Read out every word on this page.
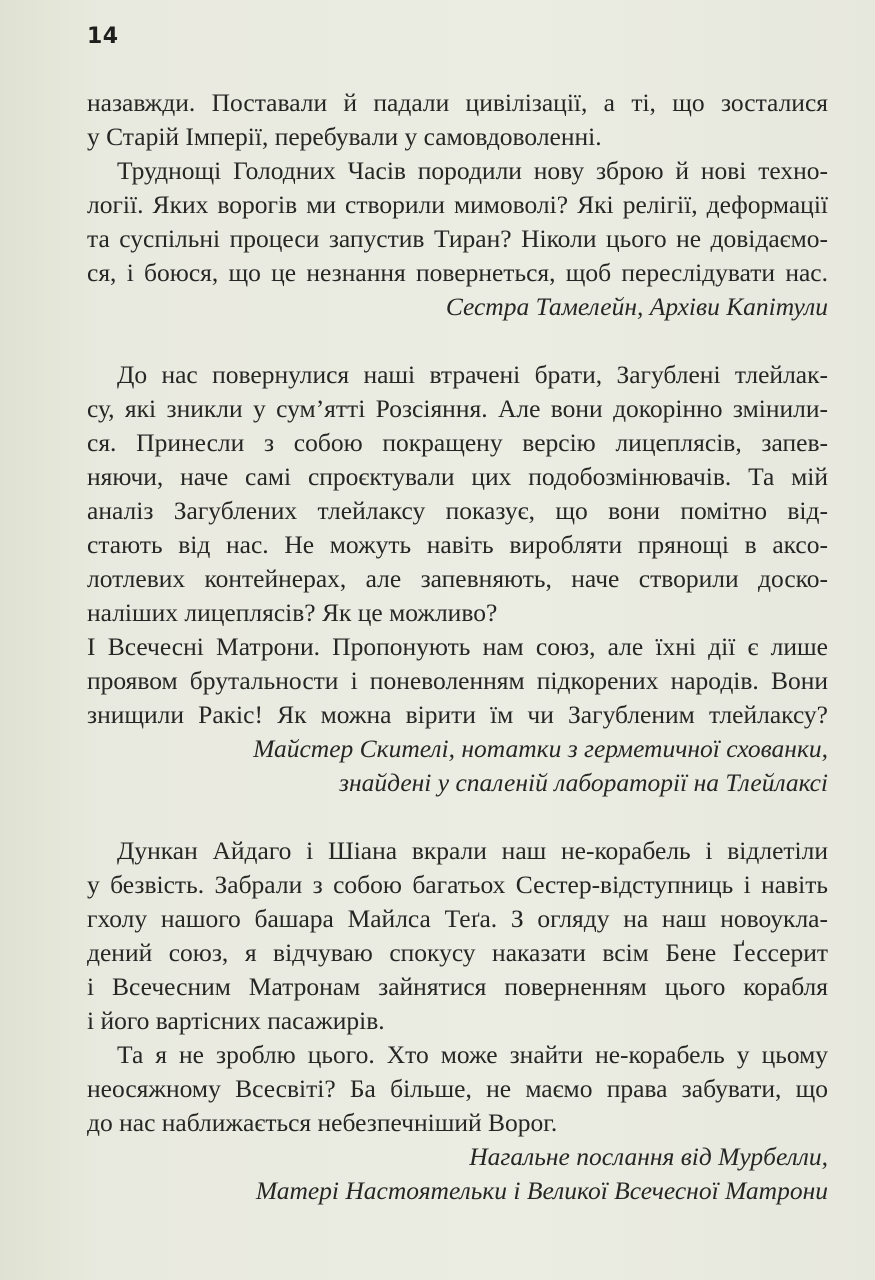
14
назавжди. Поставали й падали цивілізації, а ті, що зосталися
у Старій Імперії, перебували у самовдоволенні.
Труднощі Голодних Часів породили нову зброю й нові техно-
логії. Яких ворогів ми створили мимоволі? Які релігії, деформації
та суспільні процеси запустив Тиран? Ніколи цього не довідаємо-
ся, і боюся, що це незнання повернеться, щоб переслідувати нас.
Сестра Тамелейн, Архіви Капітули
До нас повернулися наші втрачені брати, Загублені тлейлак-
су, які зникли у сум’ятті Розсіяння. Але вони докорінно змінили-
ся. Принесли з собою покращену версію лицеплясів, запев-
няючи, наче самі спроєктували цих подобозмінювачів. Та мій
аналіз Загублених тлейлаксу показує, що вони помітно від-
стають від нас. Не можуть навіть виробляти прянощі в аксо-
лотлевих контейнерах, але запевняють, наче створили доско-
наліших лицеплясів? Як це можливо?
І Всечесні Матрони. Пропонують нам союз, але їхні дії є лише
проявом брутальности і поневоленням підкорених народів. Вони
знищили Ракіс! Як можна вірити їм чи Загубленим тлейлаксу?
Майстер Скителі, нотатки з герметичної схованки,
знайдені у спаленій лабораторії на Тлейлаксі
Дункан Айдаго і Шіана вкрали наш не-корабель і відлетіли
у безвість. Забрали з собою багатьох Сестер-відступниць і навіть
гхолу нашого башара Майлса Теґа. З огляду на наш новоукла-
дений союз, я відчуваю спокусу наказати всім Бене Ґессерит
і Всечесним Матронам зайнятися поверненням цього корабля
і його вартісних пасажирів.
Та я не зроблю цього. Хто може знайти не-корабель у цьому
неосяжному Всесвіті? Ба більше, не маємо права забувати, що
до нас наближається небезпечніший Ворог.
Нагальне послання від Мурбелли,
Матері Настоятельки і Великої Всечесної Матрони
